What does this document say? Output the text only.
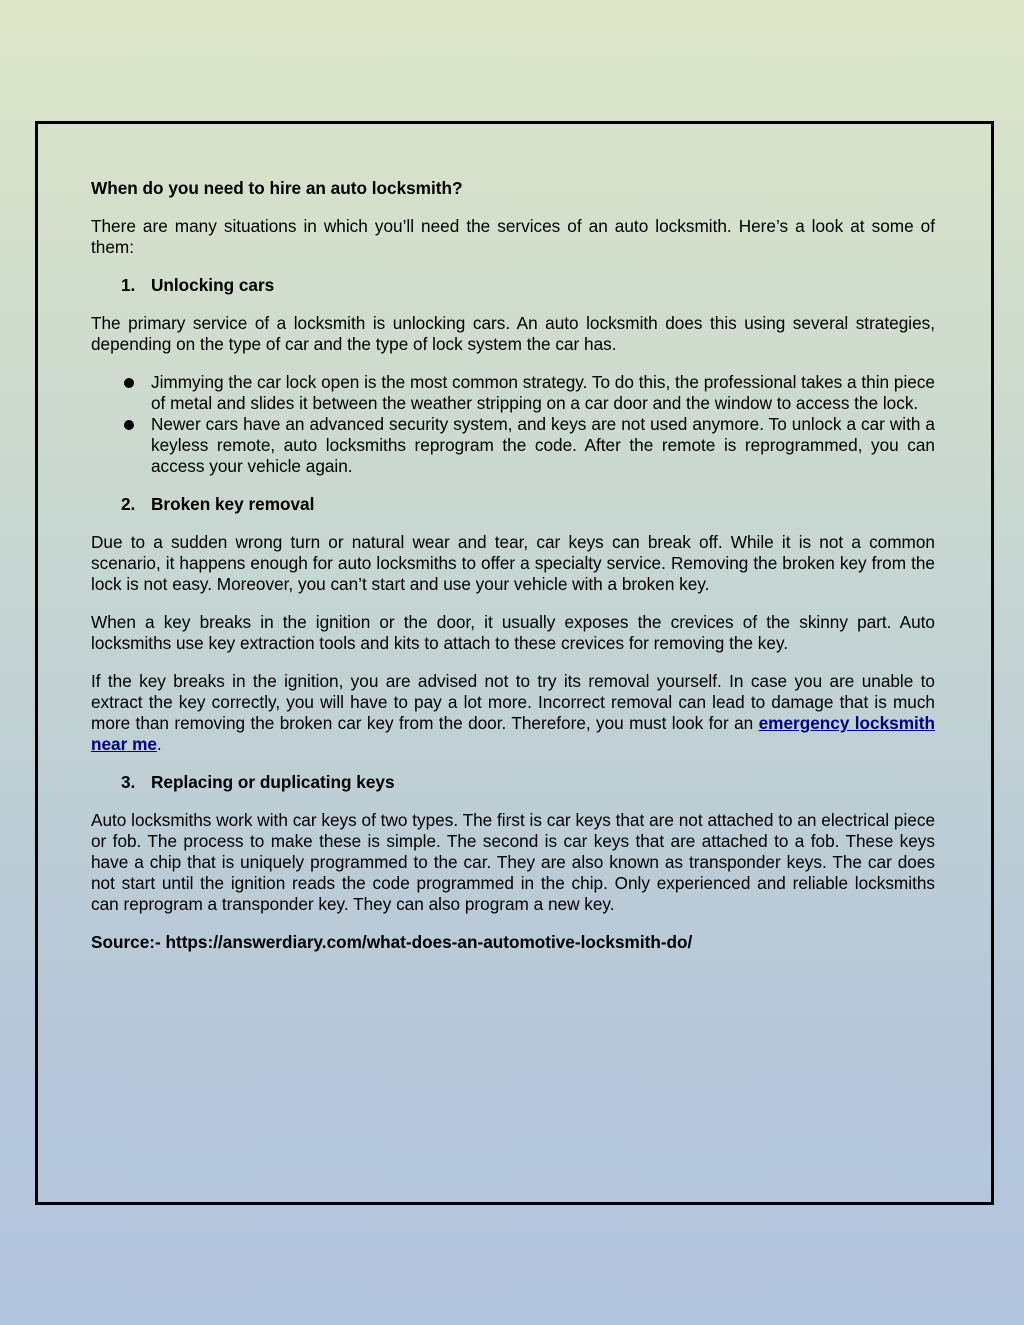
When do you need to hire an auto locksmith?

There are many situations in which you’ll need the services of an auto locksmith. Here’s a look at some of them:

1. Unlocking cars

The primary service of a locksmith is unlocking cars. An auto locksmith does this using several strategies, depending on the type of car and the type of lock system the car has.

Jimmying the car lock open is the most common strategy. To do this, the professional takes a thin piece of metal and slides it between the weather stripping on a car door and the window to access the lock.
Newer cars have an advanced security system, and keys are not used anymore. To unlock a car with a keyless remote, auto locksmiths reprogram the code. After the remote is reprogrammed, you can access your vehicle again.
2. Broken key removal

Due to a sudden wrong turn or natural wear and tear, car keys can break off. While it is not a common scenario, it happens enough for auto locksmiths to offer a specialty service. Removing the broken key from the lock is not easy. Moreover, you can’t start and use your vehicle with a broken key.

When a key breaks in the ignition or the door, it usually exposes the crevices of the skinny part. Auto locksmiths use key extraction tools and kits to attach to these crevices for removing the key.

If the key breaks in the ignition, you are advised not to try its removal yourself. In case you are unable to extract the key correctly, you will have to pay a lot more. Incorrect removal can lead to damage that is much more than removing the broken car key from the door. Therefore, you must look for an emergency locksmith near me.

3. Replacing or duplicating keys

Auto locksmiths work with car keys of two types. The first is car keys that are not attached to an electrical piece or fob. The process to make these is simple. The second is car keys that are attached to a fob. These keys have a chip that is uniquely programmed to the car. They are also known as transponder keys. The car does not start until the ignition reads the code programmed in the chip. Only experienced and reliable locksmiths can reprogram a transponder key. They can also program a new key.

Source:- https://answerdiary.com/what-does-an-automotive-locksmith-do/
